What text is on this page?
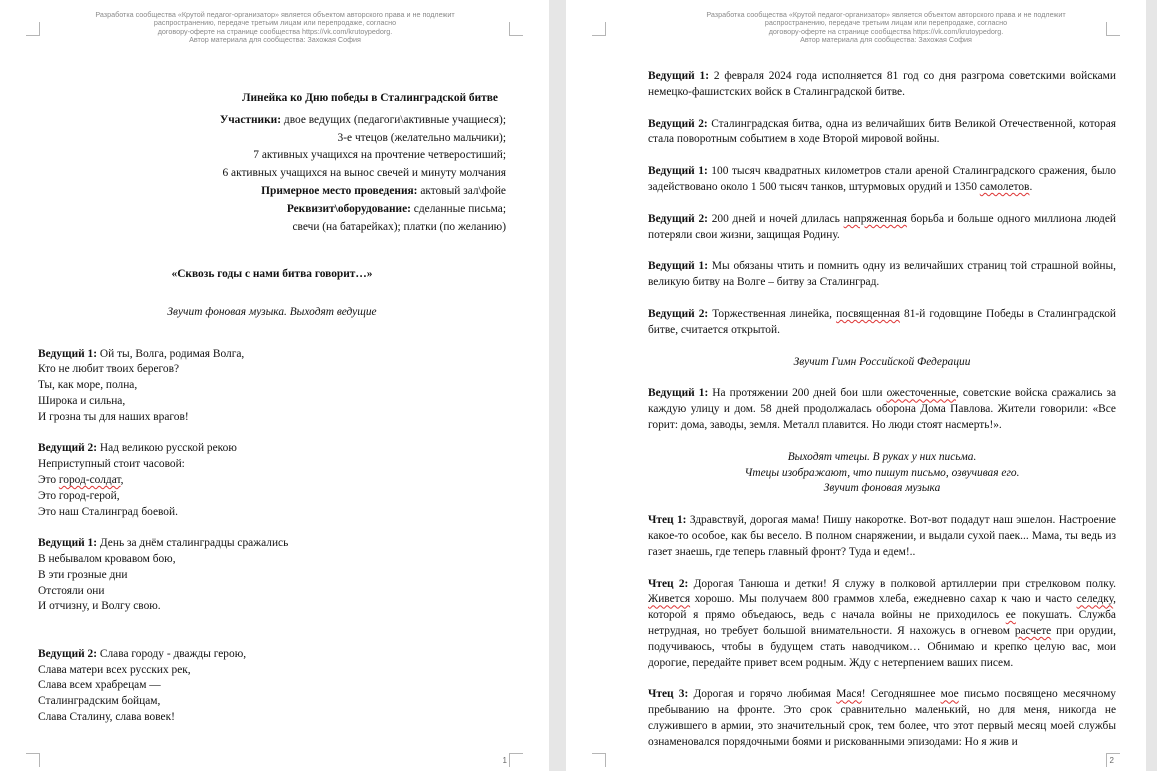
Разработка сообщества «Крутой педагог-организатор» является объектом авторского права и не подлежит
распространению, передаче третьим лицам или перепродаже, согласно
договору-оферте на странице сообщества https://vk.com/krutoypedorg.
Автор материала для сообщества: Захожая София
Линейка ко Дню победы в Сталинградской битве
Участники: двое ведущих (педагоги\активные учащиеся);
3-е чтецов (желательно мальчики);
7 активных учащихся на прочтение четверостиший;
6 активных учащихся на вынос свечей и минуту молчания
Примерное место проведения: актовый зал\фойе
Реквизит\оборудование: сделанные письма;
свечи (на батарейках); платки (по желанию)
«Сквозь годы с нами битва говорит…»
Звучит фоновая музыка. Выходят ведущие
Ведущий 1: Ой ты, Волга, родимая Волга,
Кто не любит твоих берегов?
Ты, как море, полна,
Широка и сильна,
И грозна ты для наших врагов!
Ведущий 2: Над великою русской рекою
Неприступный стоит часовой:
Это город-солдат,
Это город-герой,
Это наш Сталинград боевой.
Ведущий 1: День за днём сталинградцы сражались
В небывалом кровавом бою,
В эти грозные дни
Отстояли они
И отчизну, и Волгу свою.
Ведущий 2: Слава городу - дважды герою,
Слава матери всех русских рек,
Слава всем храбрецам —
Сталинградским бойцам,
Слава Сталину, слава вовек!
1
Разработка сообщества «Крутой педагог-организатор» является объектом авторского права и не подлежит
распространению, передаче третьим лицам или перепродаже, согласно
договору-оферте на странице сообщества https://vk.com/krutoypedorg.
Автор материала для сообщества: Захожая София

Ведущий 1: 2 февраля 2024 года исполняется 81 год со дня разгрома советскими войсками немецко-фашистских войск в Сталинградской битве.

Ведущий 2: Сталинградская битва, одна из величайших битв Великой Отечественной, которая стала поворотным событием в ходе Второй мировой войны.

Ведущий 1: 100 тысяч квадратных километров стали ареной Сталинградского сражения, было задействовано около 1 500 тысяч танков, штурмовых орудий и 1350 самолетов.

Ведущий 2: 200 дней и ночей длилась напряженная борьба и больше одного миллиона людей потеряли свои жизни, защищая Родину.

Ведущий 1: Мы обязаны чтить и помнить одну из величайших страниц той страшной войны, великую битву на Волге – битву за Сталинград.

Ведущий 2: Торжественная линейка, посвященная 81-й годовщине Победы в Сталинградской битве, считается открытой.

Звучит Гимн Российской Федерации

Ведущий 1: На протяжении 200 дней бои шли ожесточенные, советские войска сражались за каждую улицу и дом. 58 дней продолжалась оборона Дома Павлова. Жители говорили: «Все горит: дома, заводы, земля. Металл плавится. Но люди стоят насмерть!».

Выходят чтецы. В руках у них письма.
Чтецы изображают, что пишут письмо, озвучивая его.
Звучит фоновая музыка

Чтец 1: Здравствуй, дорогая мама! Пишу накоротке. Вот-вот подадут наш эшелон. Настроение какое-то особое, как бы весело. В полном снаряжении, и выдали сухой паек... Мама, ты ведь из газет знаешь, где теперь главный фронт? Туда и едем!..

Чтец 2: Дорогая Танюша и детки! Я служу в полковой артиллерии при стрелковом полку. Живется хорошо. Мы получаем 800 граммов хлеба, ежедневно сахар к чаю и часто селедку, которой я прямо объедаюсь, ведь с начала войны не приходилось ее покушать. Служба нетрудная, но требует большой внимательности. Я нахожусь в огневом расчете при орудии, подучиваюсь, чтобы в будущем стать наводчиком… Обнимаю и крепко целую вас, мои дорогие, передайте привет всем родным. Жду с нетерпением ваших писем.

Чтец 3: Дорогая и горячо любимая Мася! Сегодняшнее мое письмо посвящено месячному пребыванию на фронте. Это срок сравнительно маленький, но для меня, никогда не служившего в армии, это значительный срок, тем более, что этот первый месяц моей службы ознаменовался порядочными боями и рискованными эпизодами: Но я жив и

2
